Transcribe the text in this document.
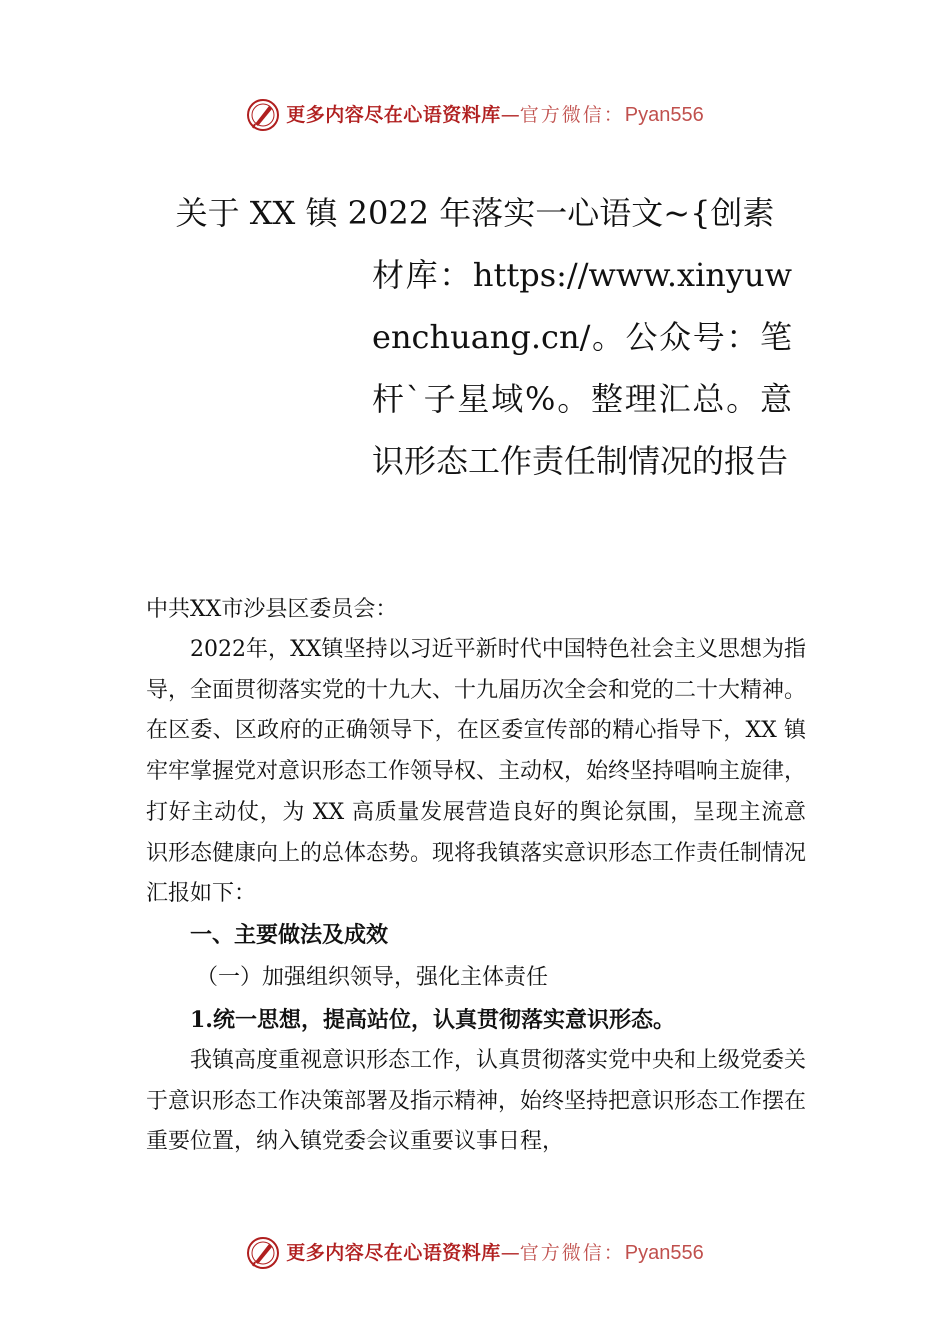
更多内容尽在心语资料库—官方微信：Pyan556

关于 XX 镇 2022 年落实一心语文~{创素

材库：https://www.xinyuwenchuang.cn/。公众号：笔杆`子星域%。整理汇总。意识形态工作责任制情况的报告

中共XX市沙县区委员会：

2022年，XX镇坚持以习近平新时代中国特色社会主义思想为指导，全面贯彻落实党的十九大、十九届历次全会和党的二十大精神。在区委、区政府的正确领导下，在区委宣传部的精心指导下，XX 镇牢牢掌握党对意识形态工作领导权、主动权，始终坚持唱响主旋律，打好主动仗，为 XX 高质量发展营造良好的舆论氛围，呈现主流意识形态健康向上的总体态势。现将我镇落实意识形态工作责任制情况汇报如下：

一、主要做法及成效

（一）加强组织领导，强化主体责任

1.统一思想，提高站位，认真贯彻落实意识形态。

我镇高度重视意识形态工作，认真贯彻落实党中央和上级党委关于意识形态工作决策部署及指示精神，始终坚持把意识形态工作摆在重要位置，纳入镇党委会议重要议事日程，

更多内容尽在心语资料库—官方微信：Pyan556
